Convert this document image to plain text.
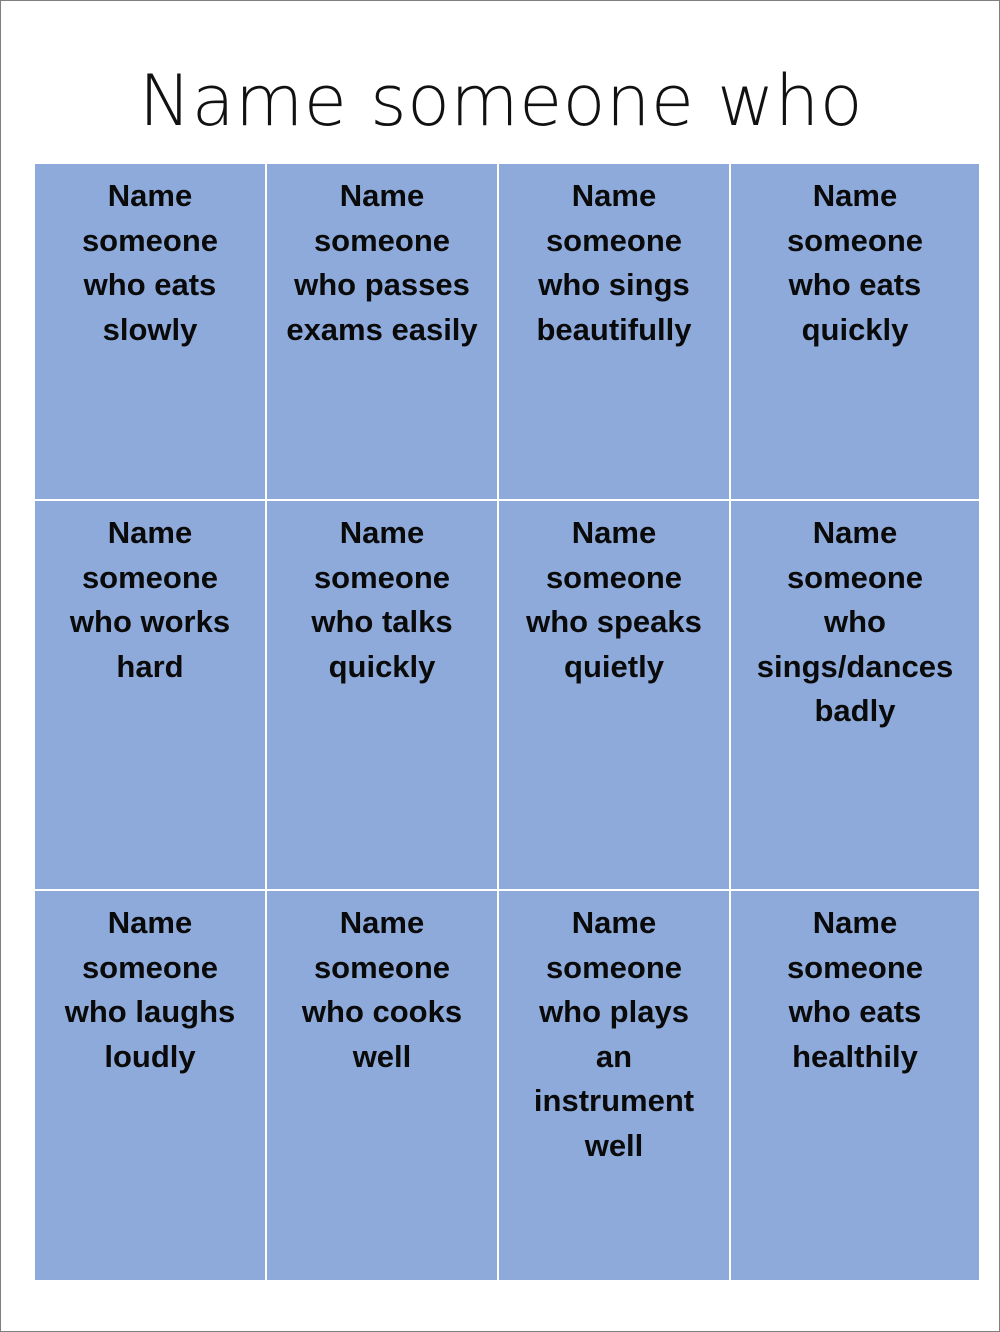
Name someone who
Name
someone
who eats
slowly
Name
someone
who passes
exams easily
Name
someone
who sings
beautifully
Name
someone
who eats
quickly
Name
someone
who works
hard
Name
someone
who talks
quickly
Name
someone
who speaks
quietly
Name
someone
who
sings/dances
badly
Name
someone
who laughs
loudly
Name
someone
who cooks
well
Name
someone
who plays
an
instrument
well
Name
someone
who eats
healthily
